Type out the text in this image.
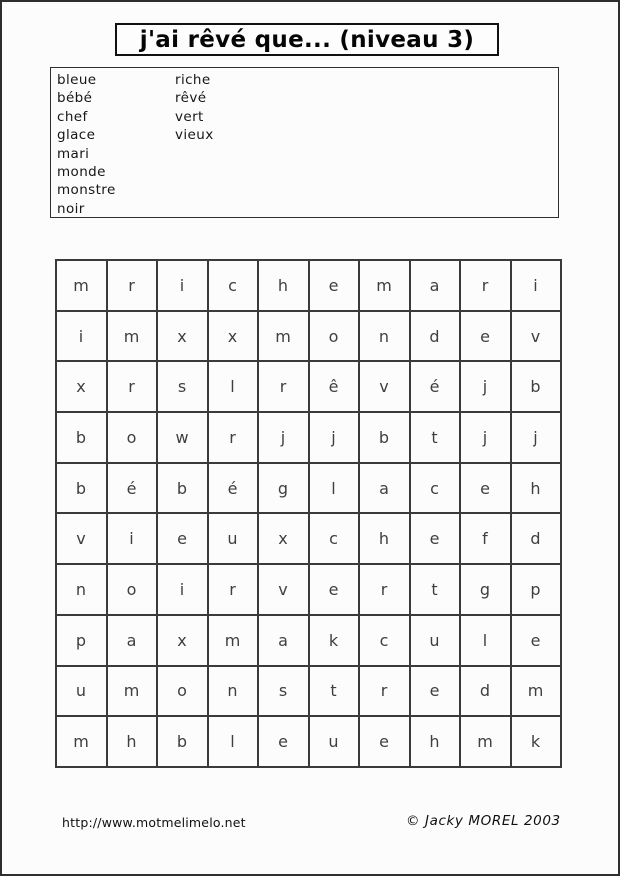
j'ai rêvé que... (niveau 3)
bleue
bébé
chef
glace
mari
monde
monstre
noir
riche
rêvé
vert
vieux
m	r	i	c	h	e	m	a	r	i
i	m	x	x	m	o	n	d	e	v
x	r	s	l	r	ê	v	é	j	b
b	o	w	r	j	j	b	t	j	j
b	é	b	é	g	l	a	c	e	h
v	i	e	u	x	c	h	e	f	d
n	o	i	r	v	e	r	t	g	p
p	a	x	m	a	k	c	u	l	e
u	m	o	n	s	t	r	e	d	m
m	h	b	l	e	u	e	h	m	k
http://www.motmelimelo.net	© Jacky MOREL 2003
